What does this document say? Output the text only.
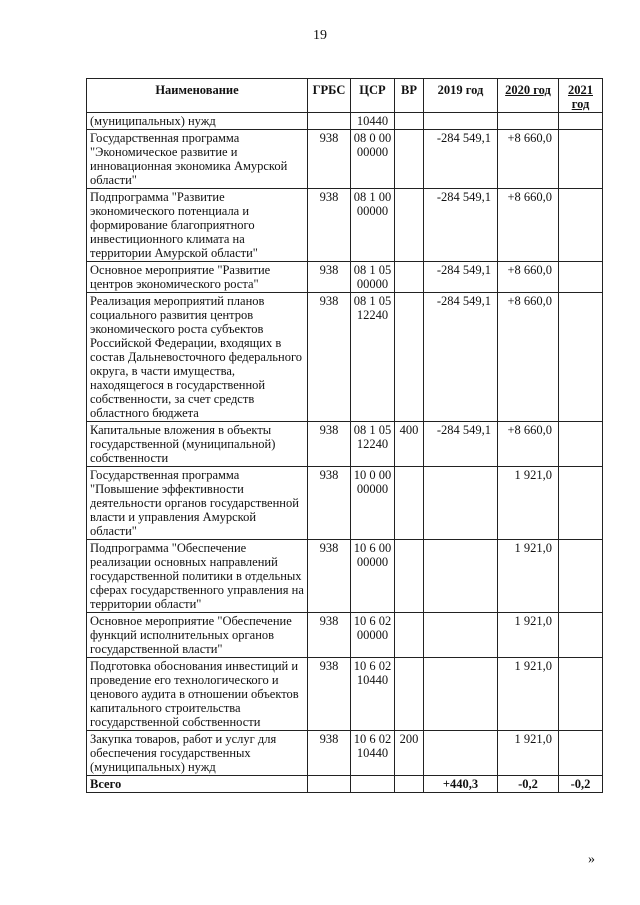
19
Наименование	ГРБС	ЦСР	ВР	2019 год	2020 год	2021 год
(муниципальных) нужд		10440				
Государственная программа "Экономическое развитие и инновационная экономика Амурской области"	938	08 0 00 00000		-284 549,1	+8 660,0	
Подпрограмма "Развитие экономического потенциала и формирование благоприятного инвестиционного климата на территории Амурской области"	938	08 1 00 00000		-284 549,1	+8 660,0	
Основное мероприятие "Развитие центров экономического роста"	938	08 1 05 00000		-284 549,1	+8 660,0	
Реализация мероприятий планов социального развития центров экономического роста субъектов Российской Федерации, входящих в состав Дальневосточного федерального округа, в части имущества, находящегося в государственной собственности, за счет средств областного бюджета	938	08 1 05 12240		-284 549,1	+8 660,0	
Капитальные вложения в объекты государственной (муниципальной) собственности	938	08 1 05 12240	400	-284 549,1	+8 660,0	
Государственная программа "Повышение эффективности деятельности органов государственной власти и управления Амурской области"	938	10 0 00 00000			1 921,0	
Подпрограмма "Обеспечение реализации основных направлений государственной политики в отдельных сферах государственного управления на территории области"	938	10 6 00 00000			1 921,0	
Основное мероприятие "Обеспечение функций исполнительных органов государственной власти"	938	10 6 02 00000			1 921,0	
Подготовка обоснования инвестиций и проведение его технологического и ценового аудита в отношении объектов капитального строительства государственной собственности	938	10 6 02 10440			1 921,0	
Закупка товаров, работ и услуг для обеспечения государственных (муниципальных) нужд	938	10 6 02 10440	200		1 921,0	
Всего				+440,3	-0,2	-0,2
»
